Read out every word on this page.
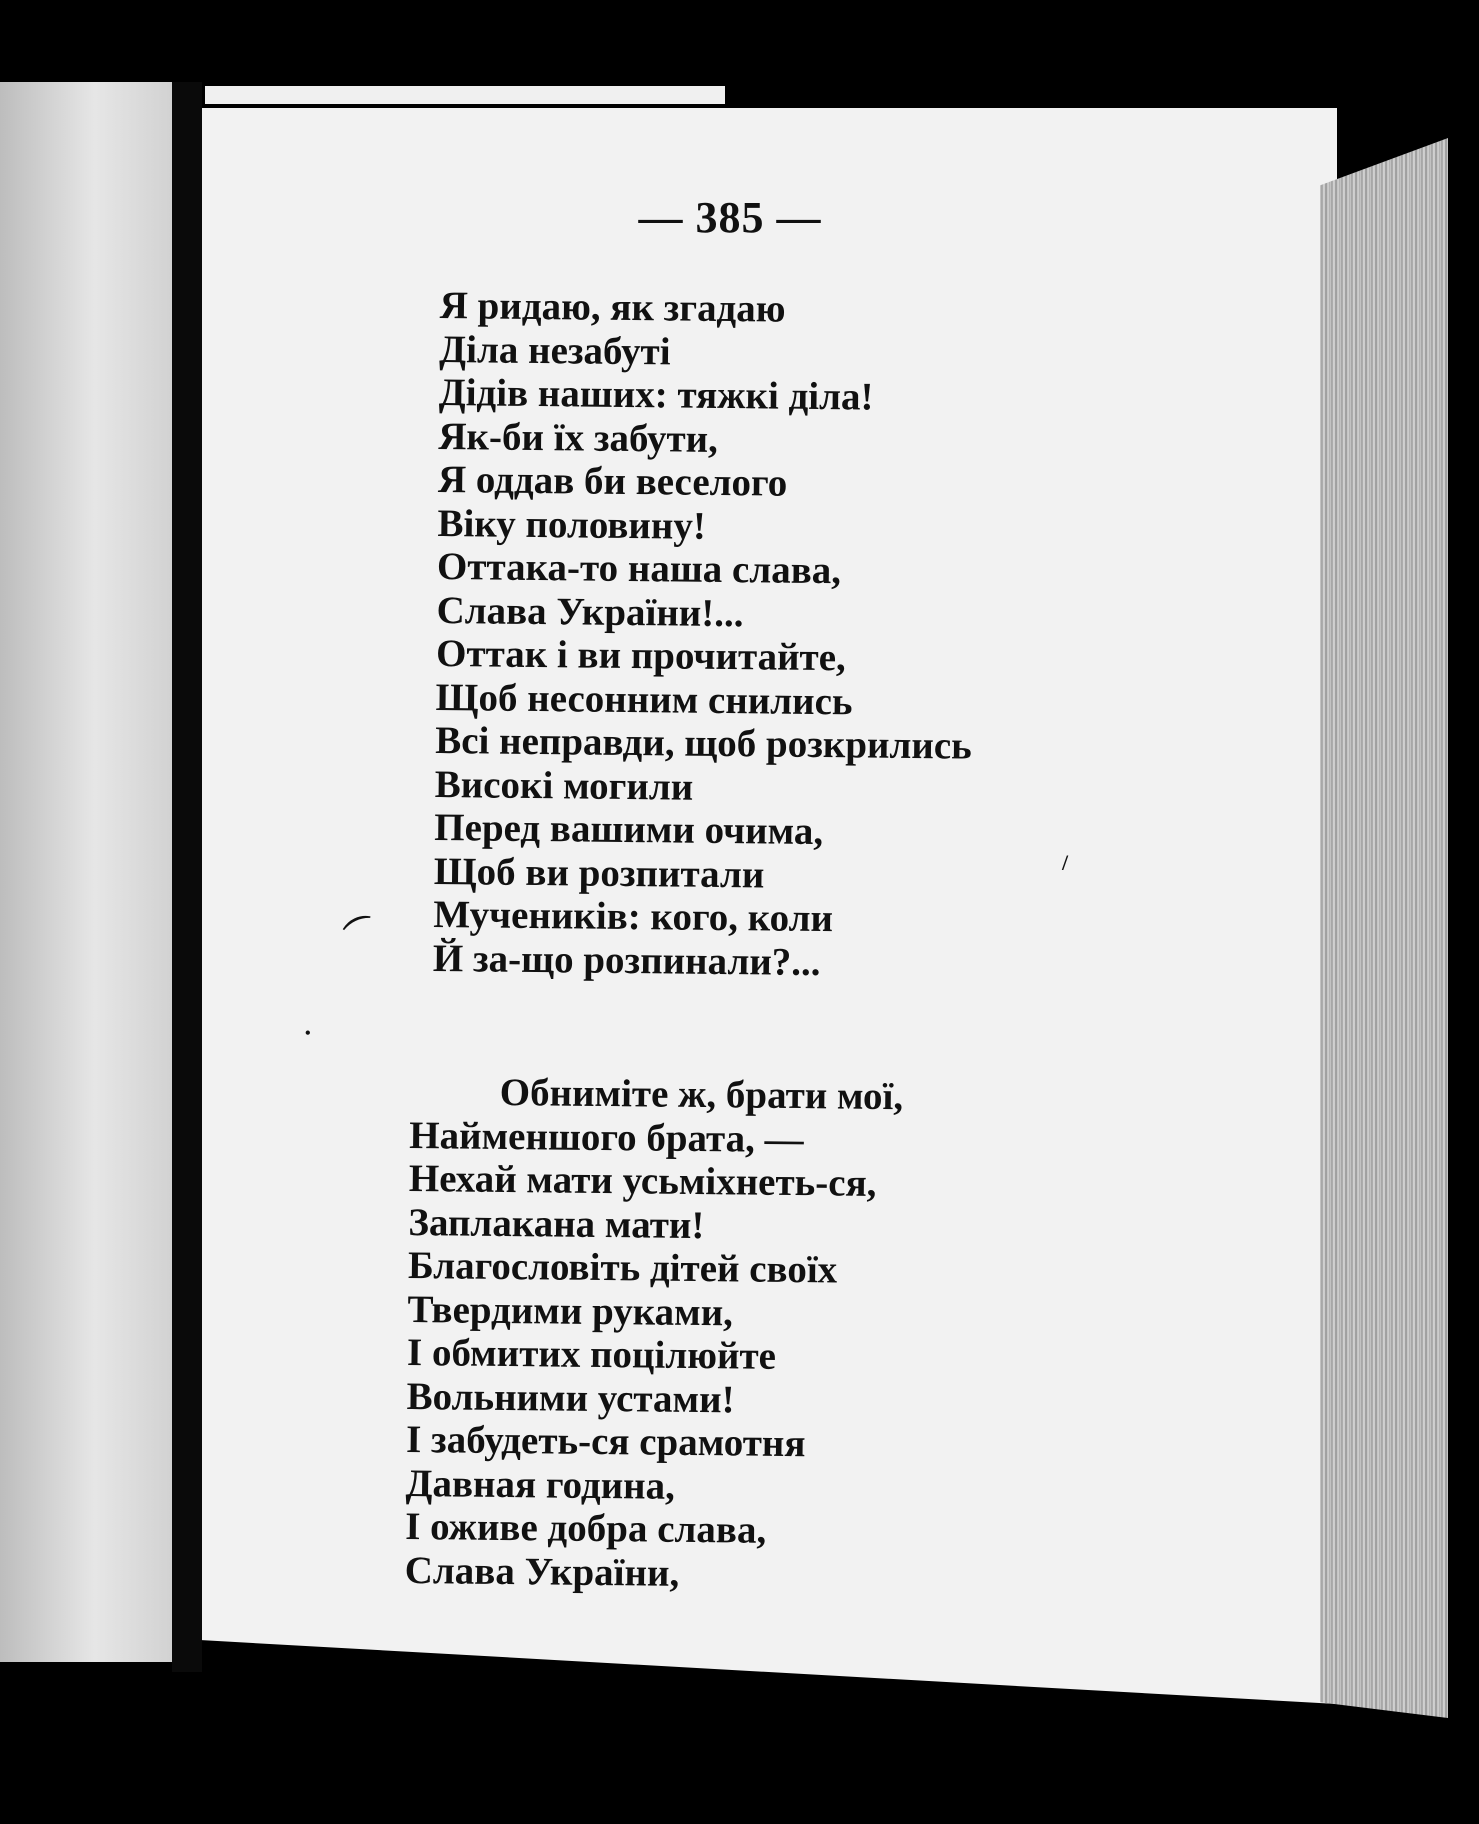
— 385 —
Я ридаю, як згадаю
Діла незабуті
Дідів наших: тяжкі діла!
Як-би їх забути,
Я оддав би веселого
Віку половину!
Оттака-то наша слава,
Слава України!...
Оттак і ви прочитайте,
Щоб несонним снились
Всі неправди, щоб розкрились
Високі могили
Перед вашими очима,
Щоб ви розпитали
Мучеників: кого, коли
Й за-що розпинали?...
Обнимiте ж, брати мої,
Найменшого брата, —
Нехай мати усьміхнеть-ся,
Заплакана мати!
Благословіть дітей своїх
Твердими руками,
І обмитих поцілюйте
Вольними устами!
І забудеть-ся срамотня
Давная година,
І оживе добра слава,
Слава України,
⌒
•
/
